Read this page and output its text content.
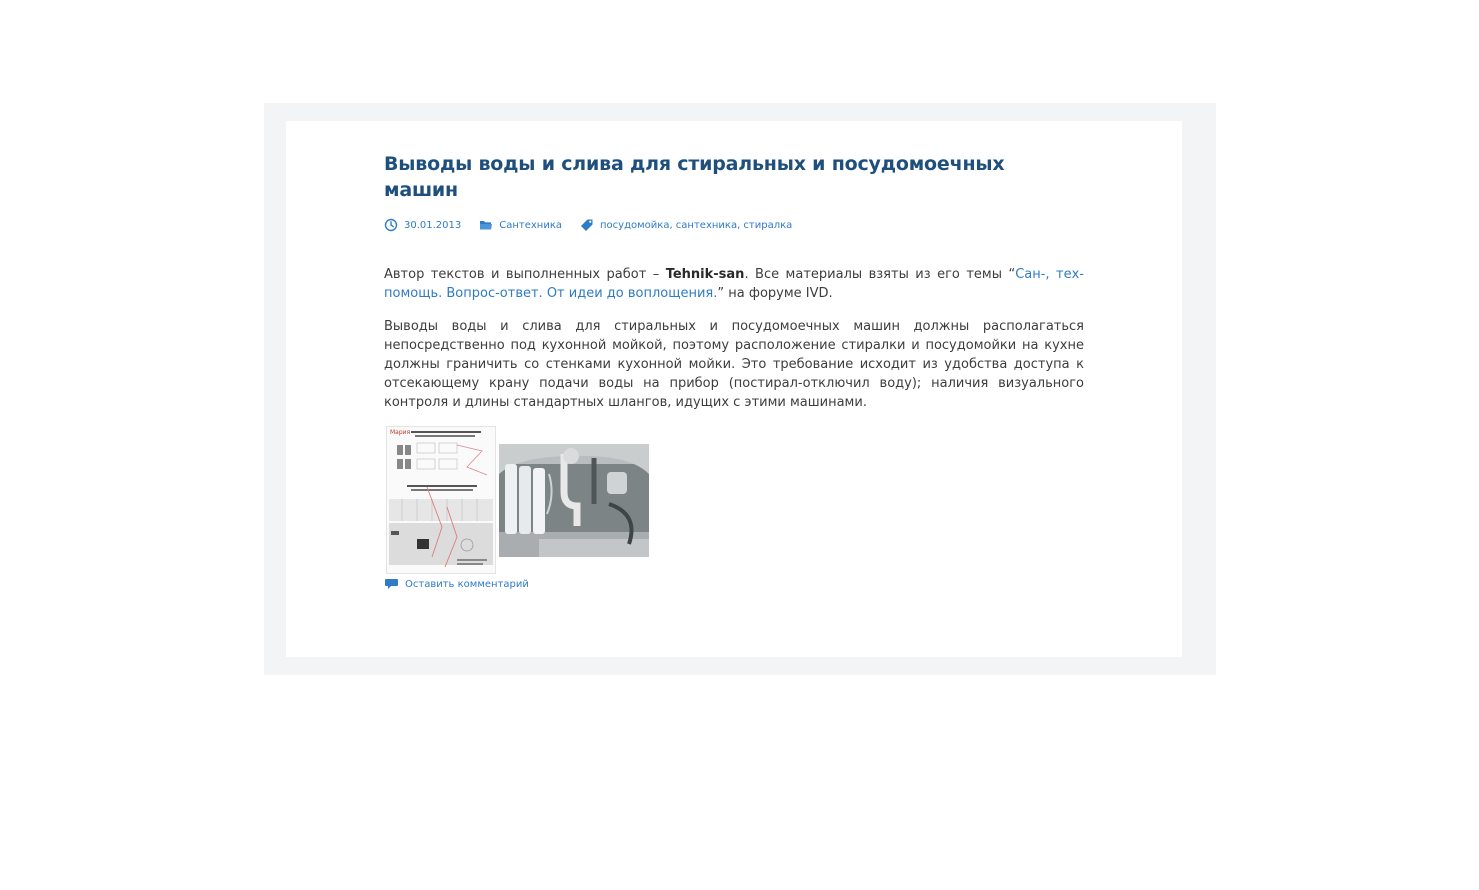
Выводы воды и слива для стиральных и посудомоечных машин
30.01.2013	Сантехника	посудомойка, сантехника, стиралка

Автор текстов и выполненных работ – Tehnik-san. Все материалы взяты из его темы “Сан-, тех-помощь. Вопрос-ответ. От идеи до воплощения.” на форуме IVD.

Выводы воды и слива для стиральных и посудомоечных машин должны располагаться непосредственно под кухонной мойкой, поэтому расположение стиралки и посудомойки на кухне должны граничить со стенками кухонной мойки. Это требование исходит из удобства доступа к отсекающему крану подачи воды на прибор (постирал-отключил воду); наличия визуального контроля и длины стандартных шлангов, идущих с этими машинами.

Мария
Оставить комментарий
